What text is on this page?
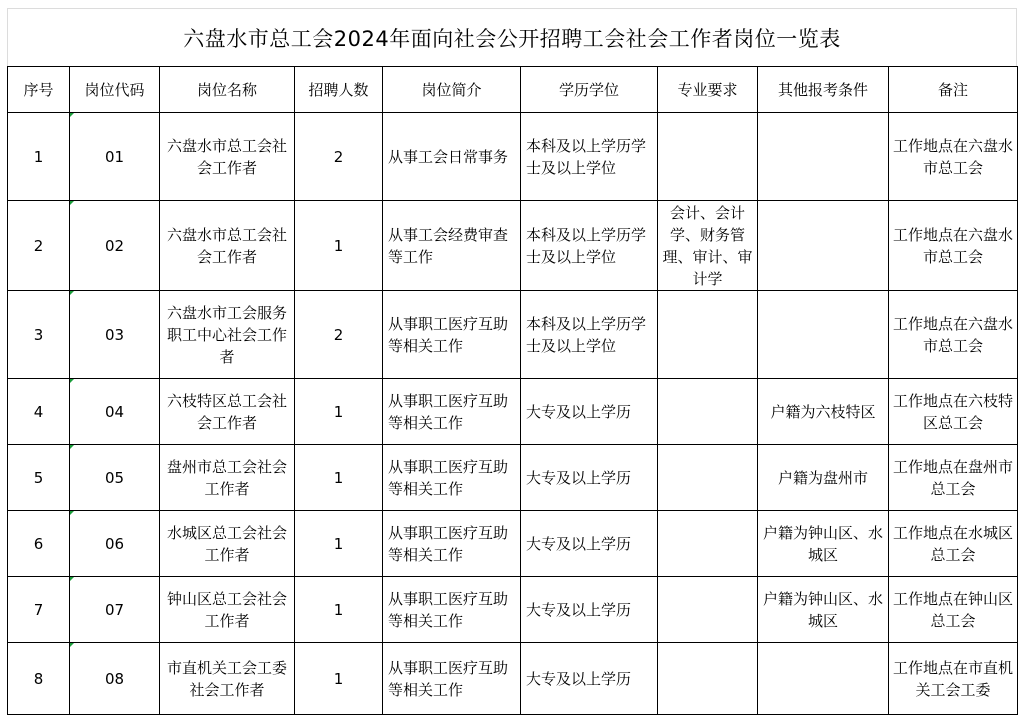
六盘水市总工会2024年面向社会公开招聘工会社会工作者岗位一览表
序号	岗位代码	岗位名称	招聘人数	岗位简介	学历学位	专业要求	其他报考条件	备注
1	01	六盘水市总工会社会工作者	2	从事工会日常事务	本科及以上学历学士及以上学位			工作地点在六盘水市总工会
2	02	六盘水市总工会社会工作者	1	从事工会经费审查等工作	本科及以上学历学士及以上学位	会计、会计学、财务管理、审计、审计学		工作地点在六盘水市总工会
3	03	六盘水市工会服务职工中心社会工作者	2	从事职工医疗互助等相关工作	本科及以上学历学士及以上学位			工作地点在六盘水市总工会
4	04	六枝特区总工会社会工作者	1	从事职工医疗互助等相关工作	大专及以上学历		户籍为六枝特区	工作地点在六枝特区总工会
5	05	盘州市总工会社会工作者	1	从事职工医疗互助等相关工作	大专及以上学历		户籍为盘州市	工作地点在盘州市总工会
6	06	水城区总工会社会工作者	1	从事职工医疗互助等相关工作	大专及以上学历		户籍为钟山区、水城区	工作地点在水城区总工会
7	07	钟山区总工会社会工作者	1	从事职工医疗互助等相关工作	大专及以上学历		户籍为钟山区、水城区	工作地点在钟山区总工会
8	08	市直机关工会工委社会工作者	1	从事职工医疗互助等相关工作	大专及以上学历			工作地点在市直机关工会工委
